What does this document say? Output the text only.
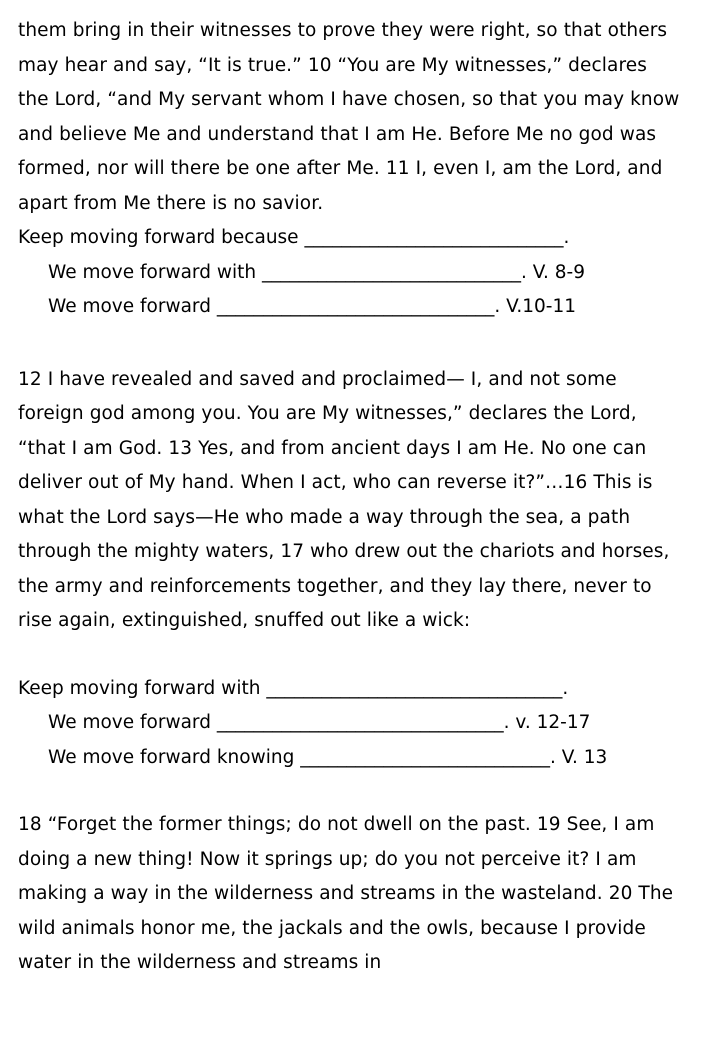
them bring in their witnesses to prove they were right, so that others may hear and say, “It is true.” 10 “You are My witnesses,” declares the Lord, “and My servant whom I have chosen, so that you may know and believe Me and understand that I am He. Before Me no god was formed, nor will there be one after Me. 11 I, even I, am the Lord, and apart from Me there is no savior.

Keep moving forward because ____________________________.

We move forward with ____________________________. V. 8-9

We move forward ______________________________. V.10-11

12 I have revealed and saved and proclaimed— I, and not some foreign god among you. You are My witnesses,” declares the Lord, “that I am God. 13 Yes, and from ancient days I am He. No one can deliver out of My hand. When I act, who can reverse it?”…16 This is what the Lord says—He who made a way through the sea, a path through the mighty waters, 17 who drew out the chariots and horses, the army and reinforcements together, and they lay there, never to rise again, extinguished, snuffed out like a wick:

Keep moving forward with ________________________________.

We move forward _______________________________. v. 12-17

We move forward knowing ___________________________. V. 13

18 “Forget the former things; do not dwell on the past. 19 See, I am doing a new thing! Now it springs up; do you not perceive it? I am making a way in the wilderness and streams in the wasteland. 20 The wild animals honor me, the jackals and the owls, because I provide water in the wilderness and streams in
